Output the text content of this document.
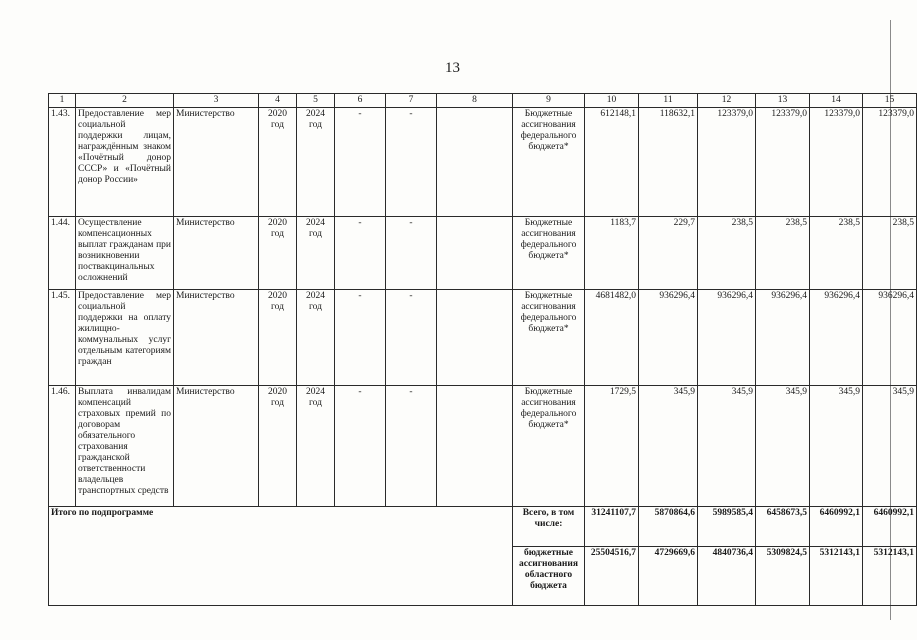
13
1	2	3	4	5	6	7	8	9	10	11	12	13	14	15
1.43.	Предоставление мер социальной поддержки лицам, награждённым знаком «Почётный донор СССР» и «Почётный донор России»	Министерство	2020 год	2024 год	-	-		Бюджетные ассигнования федерального бюджета*	612148,1	118632,1	123379,0	123379,0	123379,0	123379,0
1.44.	Осуществление компенсационных выплат гражданам при возникновении поствакцинальных осложнений	Министерство	2020 год	2024 год	-	-		Бюджетные ассигнования федерального бюджета*	1183,7	229,7	238,5	238,5	238,5	238,5
1.45.	Предоставление мер социальной поддержки на оплату жилищно-коммунальных услуг отдельным категориям граждан	Министерство	2020 год	2024 год	-	-		Бюджетные ассигнования федерального бюджета*	4681482,0	936296,4	936296,4	936296,4	936296,4	936296,4
1.46.	Выплата инвалидам компенсаций страховых премий по договорам обязательного страхования гражданской ответственности владельцев транспортных средств	Министерство	2020 год	2024 год	-	-		Бюджетные ассигнования федерального бюджета*	1729,5	345,9	345,9	345,9	345,9	345,9
Итого по подпрограмме								Всего, в том числе:	31241107,7	5870864,6	5989585,4	6458673,5	6460992,1	6460992,1
								бюджетные ассигнования областного бюджета	25504516,7	4729669,6	4840736,4	5309824,5	5312143,1	5312143,1
